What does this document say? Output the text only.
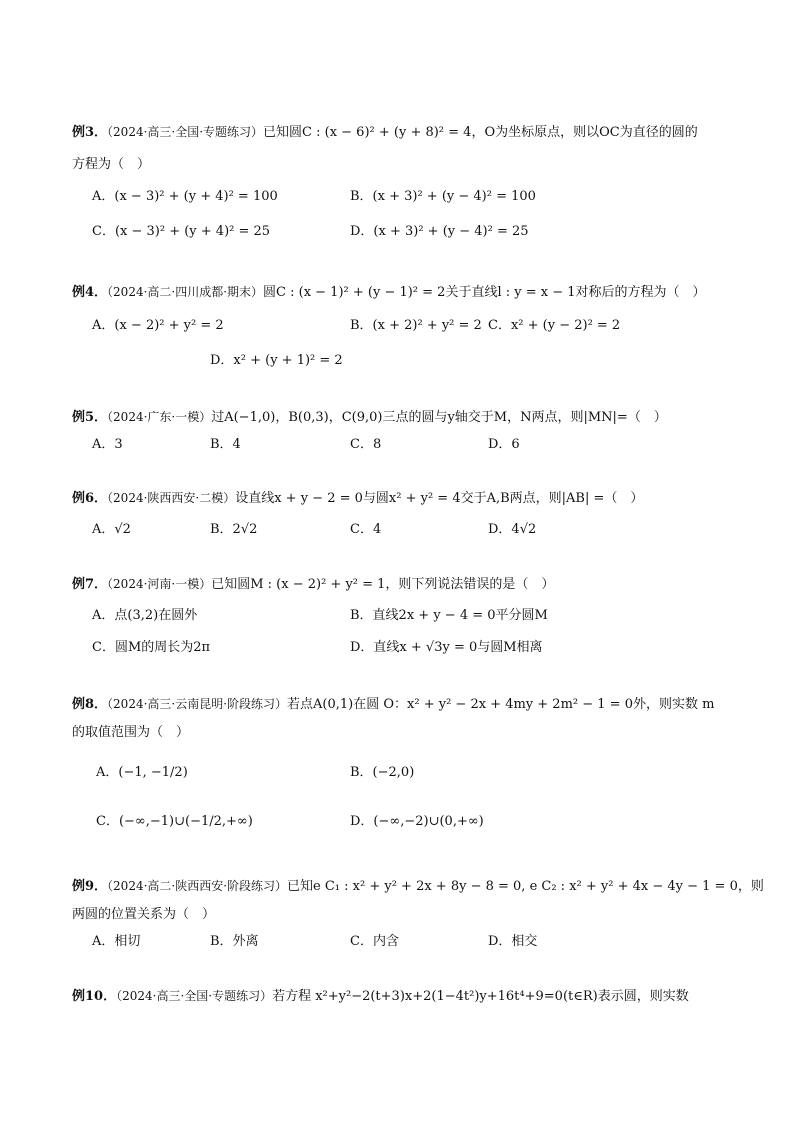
例3．（2024·高三·全国·专题练习）已知圆C : (x − 6)² + (y + 8)² = 4，O为坐标原点，则以OC为直径的圆的
方程为（　）
A．(x − 3)² + (y + 4)² = 100	B．(x + 3)² + (y − 4)² = 100
C．(x − 3)² + (y + 4)² = 25	D．(x + 3)² + (y − 4)² = 25
例4．（2024·高二·四川成都·期末）圆C : (x − 1)² + (y − 1)² = 2关于直线l : y = x − 1对称后的方程为（　）
A．(x − 2)² + y² = 2	B．(x + 2)² + y² = 2 C．x² + (y − 2)² = 2
D．x² + (y + 1)² = 2
例5．（2024·广东·一模）过A(−1,0)，B(0,3)，C(9,0)三点的圆与y轴交于M，N两点，则|MN|=（　）
A．3	B．4	C．8	D．6
例6．（2024·陕西西安·二模）设直线x + y − 2 = 0与圆x² + y² = 4交于A,B两点，则|AB| =（　）
A．√2	B．2√2	C．4	D．4√2
例7．（2024·河南·一模）已知圆M : (x − 2)² + y² = 1，则下列说法错误的是（　）
A．点(3,2)在圆外	B．直线2x + y − 4 = 0平分圆M
C．圆M的周长为2π	D．直线x + √3y = 0与圆M相离
例8．（2024·高三·云南昆明·阶段练习）若点A(0,1)在圆 O：x² + y² − 2x + 4my + 2m² − 1 = 0外，则实数 m
的取值范围为（　）
A．(−1, −1/2)	B．(−2,0)
C．(−∞,−1)∪(−1/2,+∞)	D．(−∞,−2)∪(0,+∞)
例9．（2024·高二·陕西西安·阶段练习）已知e C₁ : x² + y² + 2x + 8y − 8 = 0, e C₂ : x² + y² + 4x − 4y − 1 = 0，则
两圆的位置关系为（　）
A．相切	B．外离	C．内含	D．相交
例10．（2024·高三·全国·专题练习）若方程 x²+y²−2(t+3)x+2(1−4t²)y+16t⁴+9=0(t∈R)表示圆，则实数
